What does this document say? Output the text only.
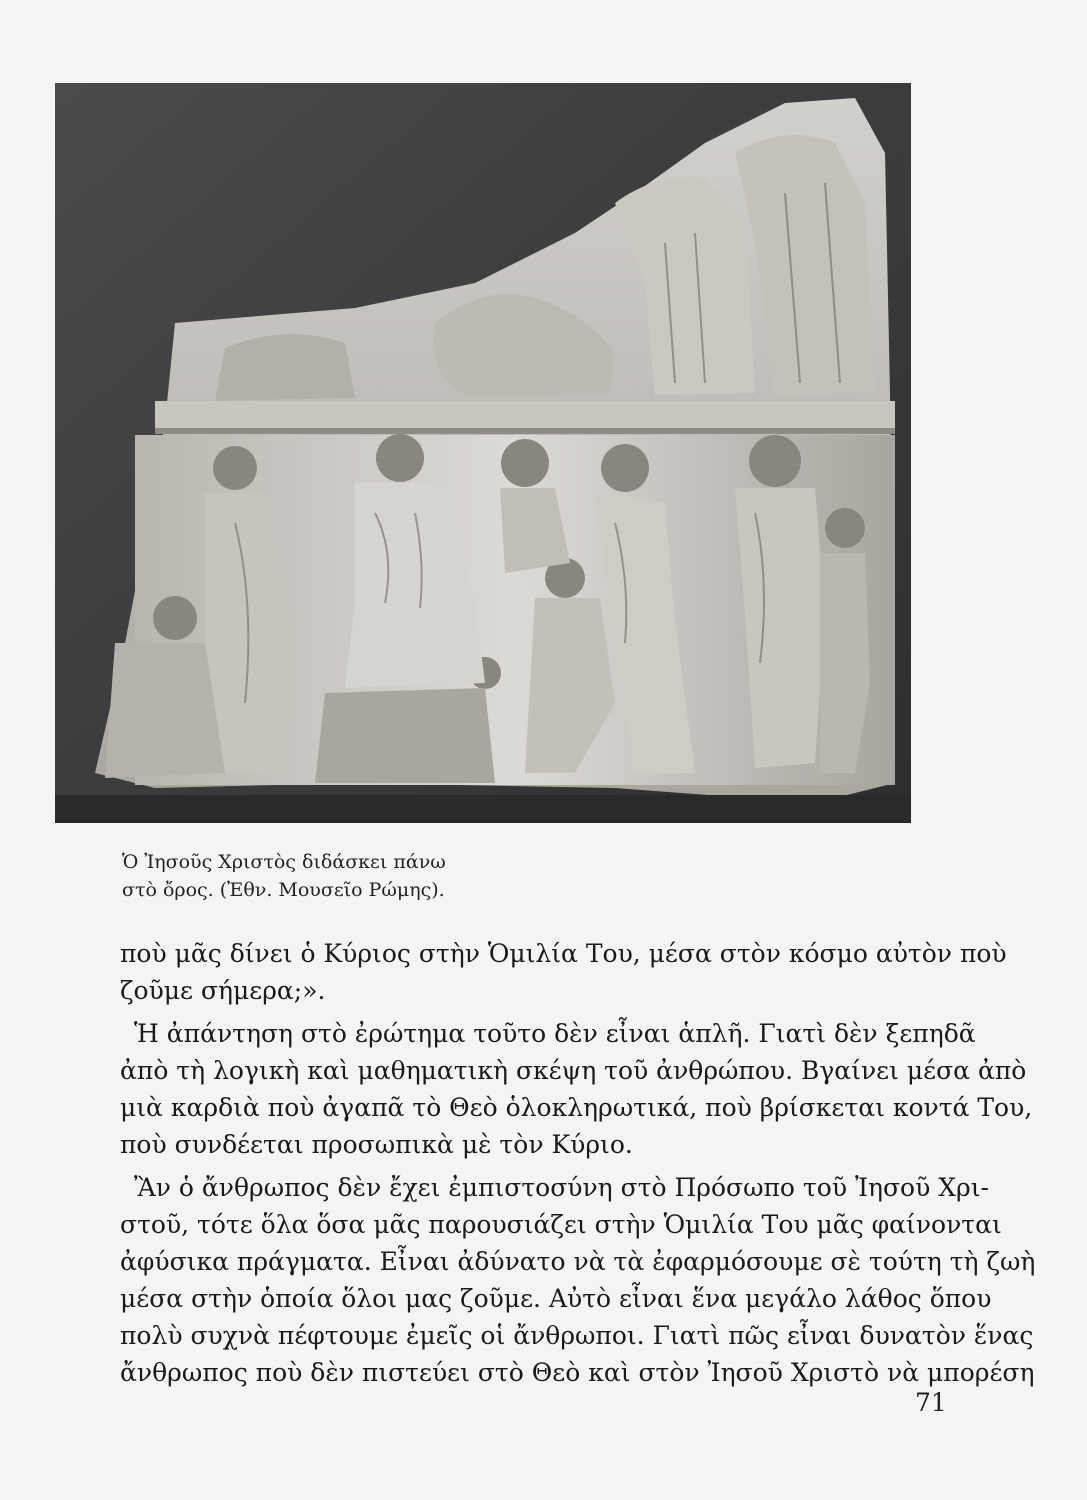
Ὁ Ἰησοῦς Χριστὸς διδάσκει πάνω
στὸ ὄρος. (Ἐθν. Μουσεῖο Ρώμης).
ποὺ μᾶς δίνει ὁ Κύριος στὴν Ὁμιλία Του, μέσα στὸν κόσμο αὐτὸν ποὺ
ζοῦμε σήμερα;».
Ἡ ἀπάντηση στὸ ἐρώτημα τοῦτο δὲν εἶναι ἁπλῆ. Γιατὶ δὲν ξεπηδᾶ
ἀπὸ τὴ λογικὴ καὶ μαθηματικὴ σκέψη τοῦ ἀνθρώπου. Βγαίνει μέσα ἀπὸ
μιὰ καρδιὰ ποὺ ἀγαπᾶ τὸ Θεὸ ὁλοκληρωτικά, ποὺ βρίσκεται κοντά Του,
ποὺ συνδέεται προσωπικὰ μὲ τὸν Κύριο.
Ἂν ὁ ἄνθρωπος δὲν ἔχει ἐμπιστοσύνη στὸ Πρόσωπο τοῦ Ἰησοῦ Χρι-
στοῦ, τότε ὅλα ὅσα μᾶς παρουσιάζει στὴν Ὁμιλία Του μᾶς φαίνονται
ἀφύσικα πράγματα. Εἶναι ἀδύνατο νὰ τὰ ἐφαρμόσουμε σὲ τούτη τὴ ζωὴ
μέσα στὴν ὁποία ὅλοι μας ζοῦμε. Αὐτὸ εἶναι ἕνα μεγάλο λάθος ὅπου
πολὺ συχνὰ πέφτουμε ἐμεῖς οἱ ἄνθρωποι. Γιατὶ πῶς εἶναι δυνατὸν ἕνας
ἄνθρωπος ποὺ δὲν πιστεύει στὸ Θεὸ καὶ στὸν Ἰησοῦ Χριστὸ νὰ μπορέση
71
